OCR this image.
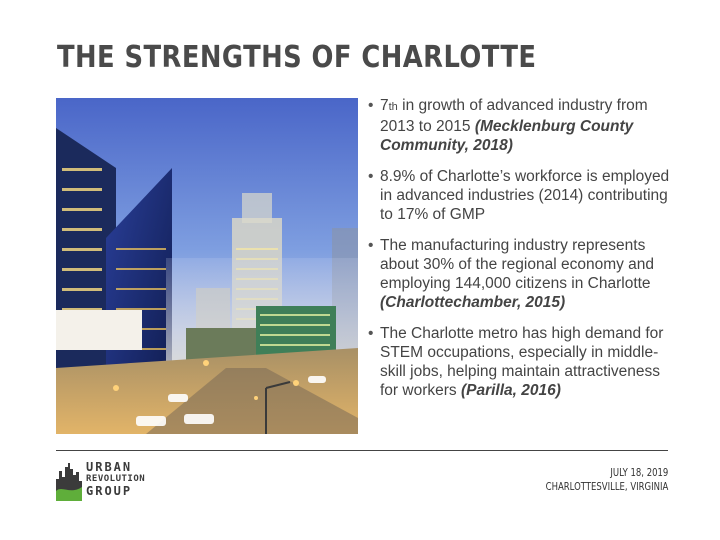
THE STRENGTHS OF CHARLOTTE
• 7th in growth of advanced industry from 2013 to 2015 (Mecklenburg County Community, 2018)
• 8.9% of Charlotte’s workforce is employed in advanced industries (2014) contributing to 17% of GMP
• The manufacturing industry represents about 30% of the regional economy and employing 144,000 citizens in Charlotte (Charlottechamber, 2015)
• The Charlotte metro has high demand for STEM occupations, especially in middle-skill jobs, helping maintain attractiveness for workers (Parilla, 2016)
URBAN
REVOLUTION
GROUP
JULY 18, 2019
CHARLOTTESVILLE, VIRGINIA
